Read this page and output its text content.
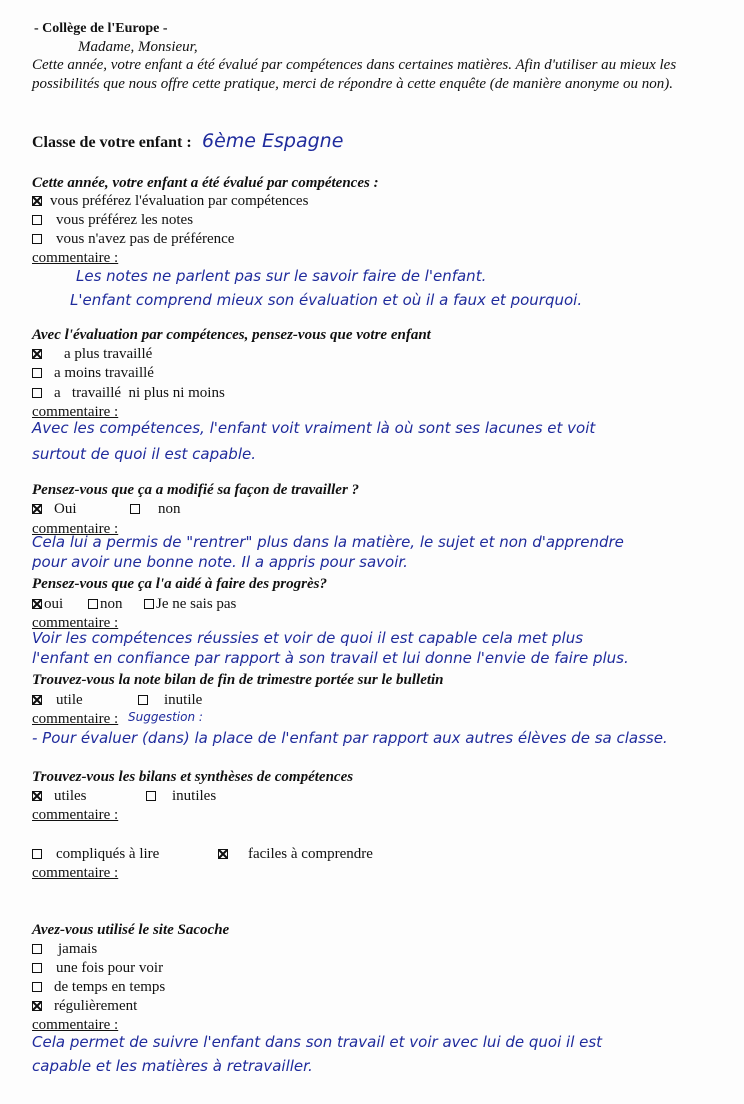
- Collège de l'Europe -
Madame, Monsieur,
Cette année, votre enfant a été évalué par compétences dans certaines matières. Afin d'utiliser au mieux les possibilités que nous offre cette pratique, merci de répondre à cette enquête (de manière anonyme ou non).
Classe de votre enfant : 6ème Espagne
Cette année, votre enfant a été évalué par compétences :
vous préférez l'évaluation par compétences
vous préférez les notes
vous n'avez pas de préférence
commentaire :
Les notes ne parlent pas sur le savoir faire de l'enfant.
L'enfant comprend mieux son évaluation et où il a faux et pourquoi.
Avec l'évaluation par compétences, pensez-vous que votre enfant
a plus travaillé
a moins travaillé
a   travaillé  ni plus ni moins
commentaire :
Avec les compétences, l'enfant voit vraiment là où sont ses lacunes et voit
surtout de quoi il est capable.
Pensez-vous que ça a modifié sa façon de travailler ?
Oui	non
commentaire :
Cela lui a permis de "rentrer" plus dans la matière, le sujet et non d'apprendre
pour avoir une bonne note. Il a appris pour savoir.
Pensez-vous que ça l'a aidé à faire des progrès?
oui non Je ne sais pas
commentaire :
Voir les compétences réussies et voir de quoi il est capable cela met plus
l'enfant en confiance par rapport à son travail et lui donne l'envie de faire plus.
Trouvez-vous la note bilan de fin de trimestre portée sur le bulletin
utile	inutile
commentaire : Suggestion :
- Pour évaluer (dans) la place de l'enfant par rapport aux autres élèves de sa classe.
Trouvez-vous les bilans et synthèses de compétences
utiles	inutiles
commentaire :
compliqués à lire	faciles à comprendre
commentaire :
Avez-vous utilisé le site Sacoche
jamais
une fois pour voir
de temps en temps
régulièrement
commentaire :
Cela permet de suivre l'enfant dans son travail et voir avec lui de quoi il est
capable et les matières à retravailler.
